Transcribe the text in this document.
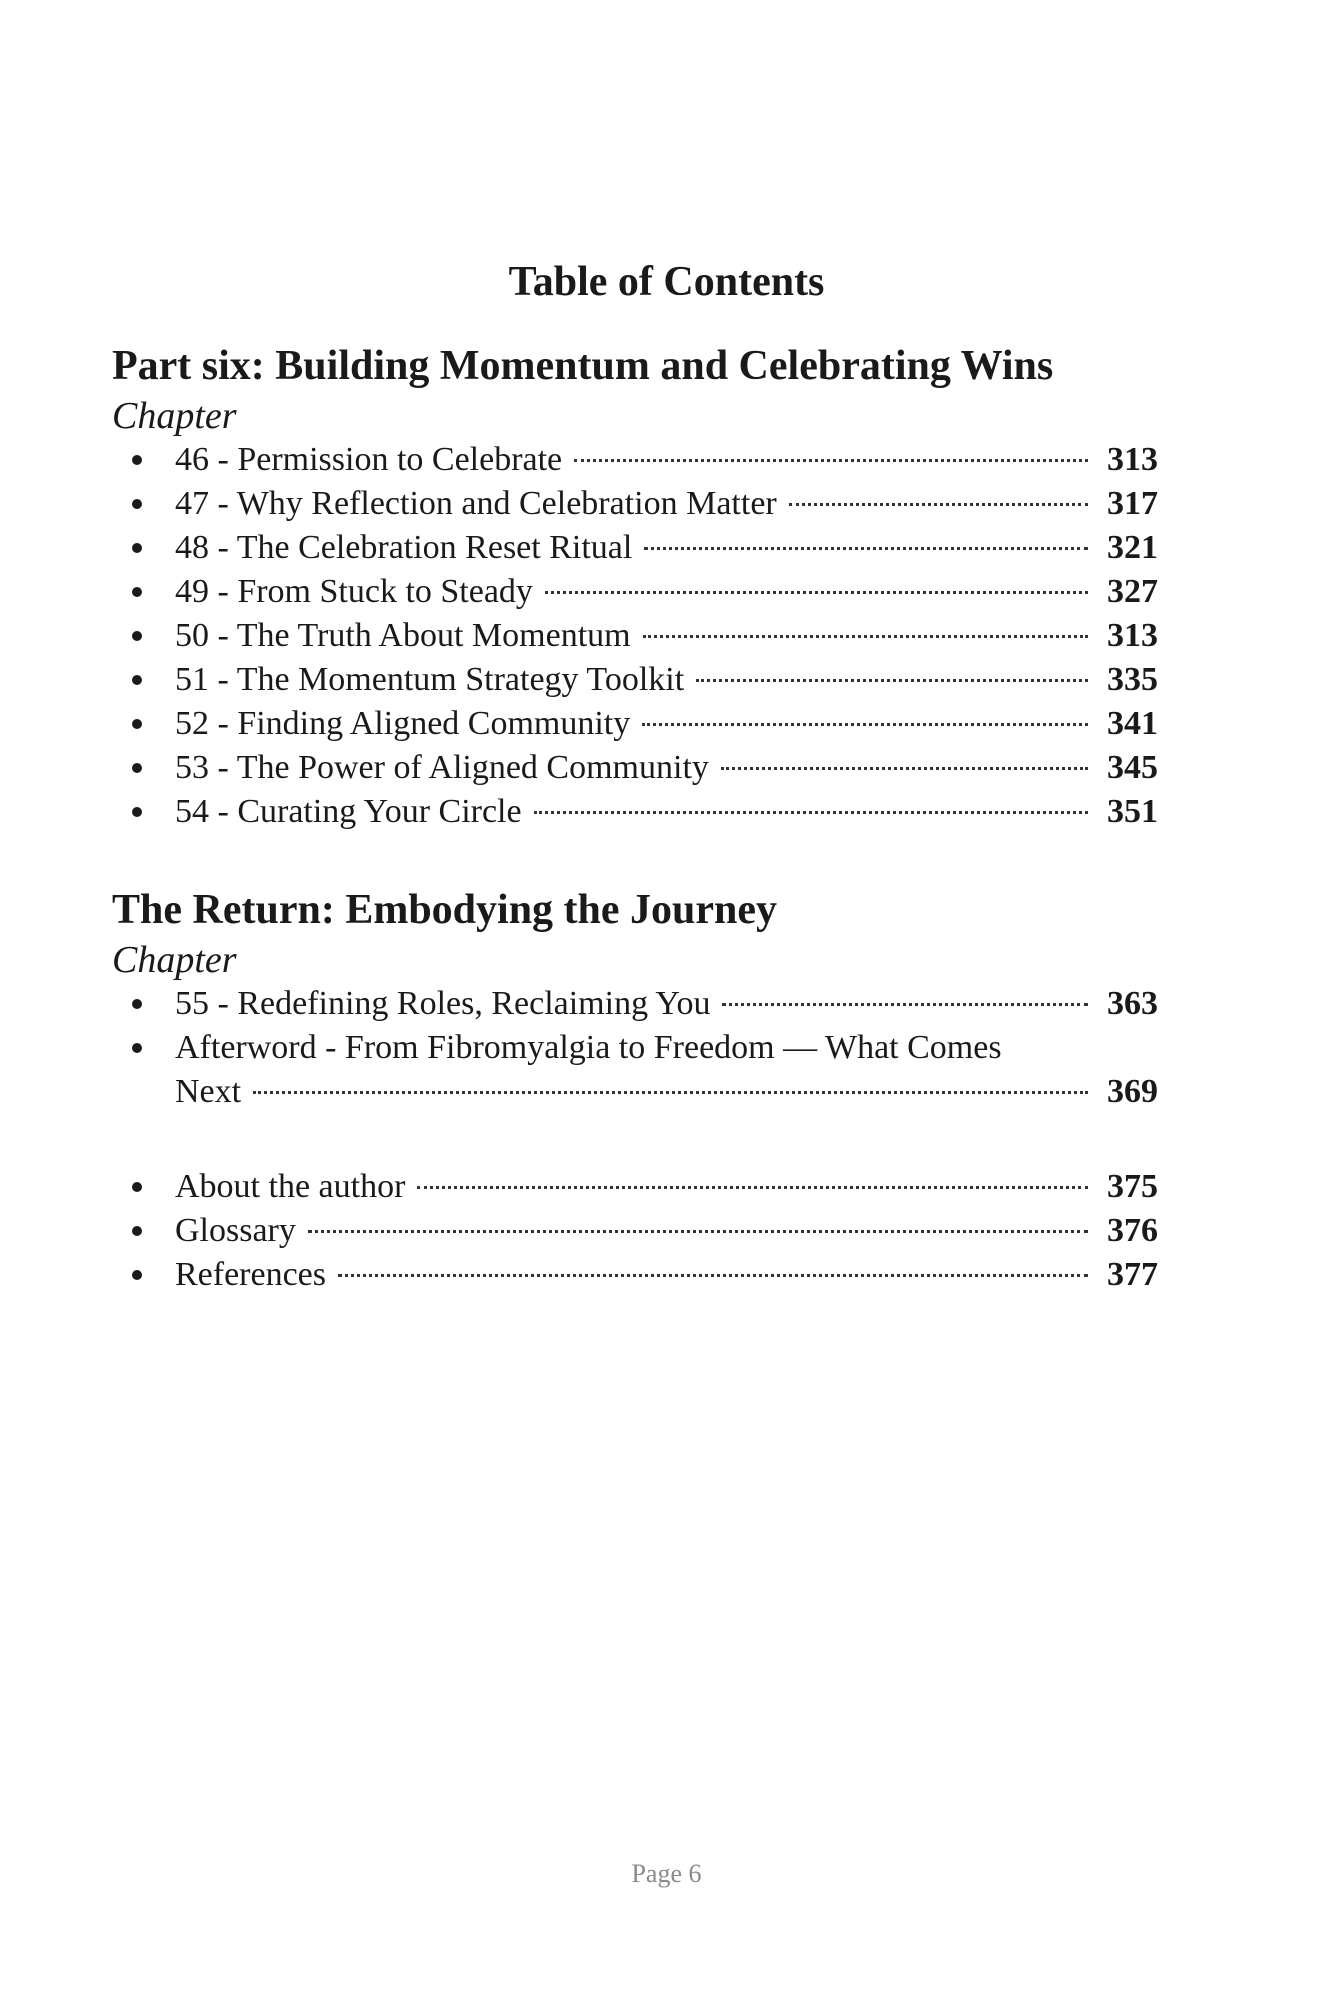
Table of Contents
Part six: Building Momentum and Celebrating Wins
Chapter
46 - Permission to Celebrate	313
47 - Why Reflection and Celebration Matter	317
48 - The Celebration Reset Ritual	321
49 - From Stuck to Steady	327
50 - The Truth About Momentum	313
51 - The Momentum Strategy Toolkit	335
52 - Finding Aligned Community	341
53 - The Power of Aligned Community	345
54 - Curating Your Circle	351
The Return: Embodying the Journey
Chapter
55 - Redefining Roles, Reclaiming You	363
Afterword - From Fibromyalgia to Freedom — What Comes
Next	369
About the author	375
Glossary	376
References	377
Page 6
